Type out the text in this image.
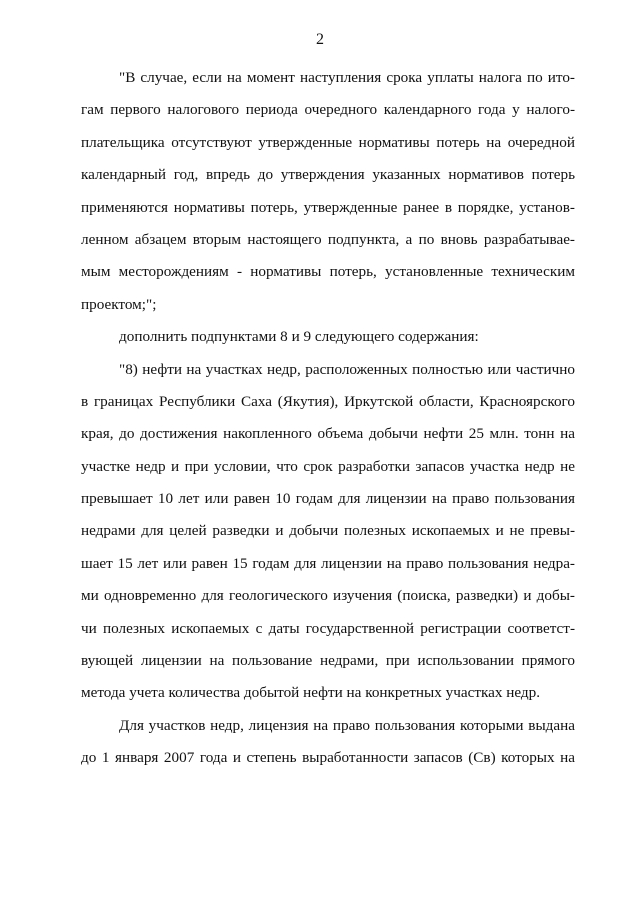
2
"В случае, если на момент наступления срока уплаты налога по ито-
гам первого налогового периода очередного календарного года у налого-
плательщика отсутствуют утвержденные нормативы потерь на очередной
календарный год, впредь до утверждения указанных нормативов потерь
применяются нормативы потерь, утвержденные ранее в порядке, установ-
ленном абзацем вторым настоящего подпункта, а по вновь разрабатывае-
мым месторождениям - нормативы потерь, установленные техническим
проектом;";
дополнить подпунктами 8 и 9 следующего содержания:
"8) нефти на участках недр, расположенных полностью или частично
в границах Республики Саха (Якутия), Иркутской области, Красноярского
края, до достижения накопленного объема добычи нефти 25 млн. тонн на
участке недр и при условии, что срок разработки запасов участка недр не
превышает 10 лет или равен 10 годам для лицензии на право пользования
недрами для целей разведки и добычи полезных ископаемых и не превы-
шает 15 лет или равен 15 годам для лицензии на право пользования недра-
ми одновременно для геологического изучения (поиска, разведки) и добы-
чи полезных ископаемых с даты государственной регистрации соответст-
вующей лицензии на пользование недрами, при использовании прямого
метода учета количества добытой нефти на конкретных участках недр.
Для участков недр, лицензия на право пользования которыми выдана
до 1 января 2007 года и степень выработанности запасов (Св) которых на
